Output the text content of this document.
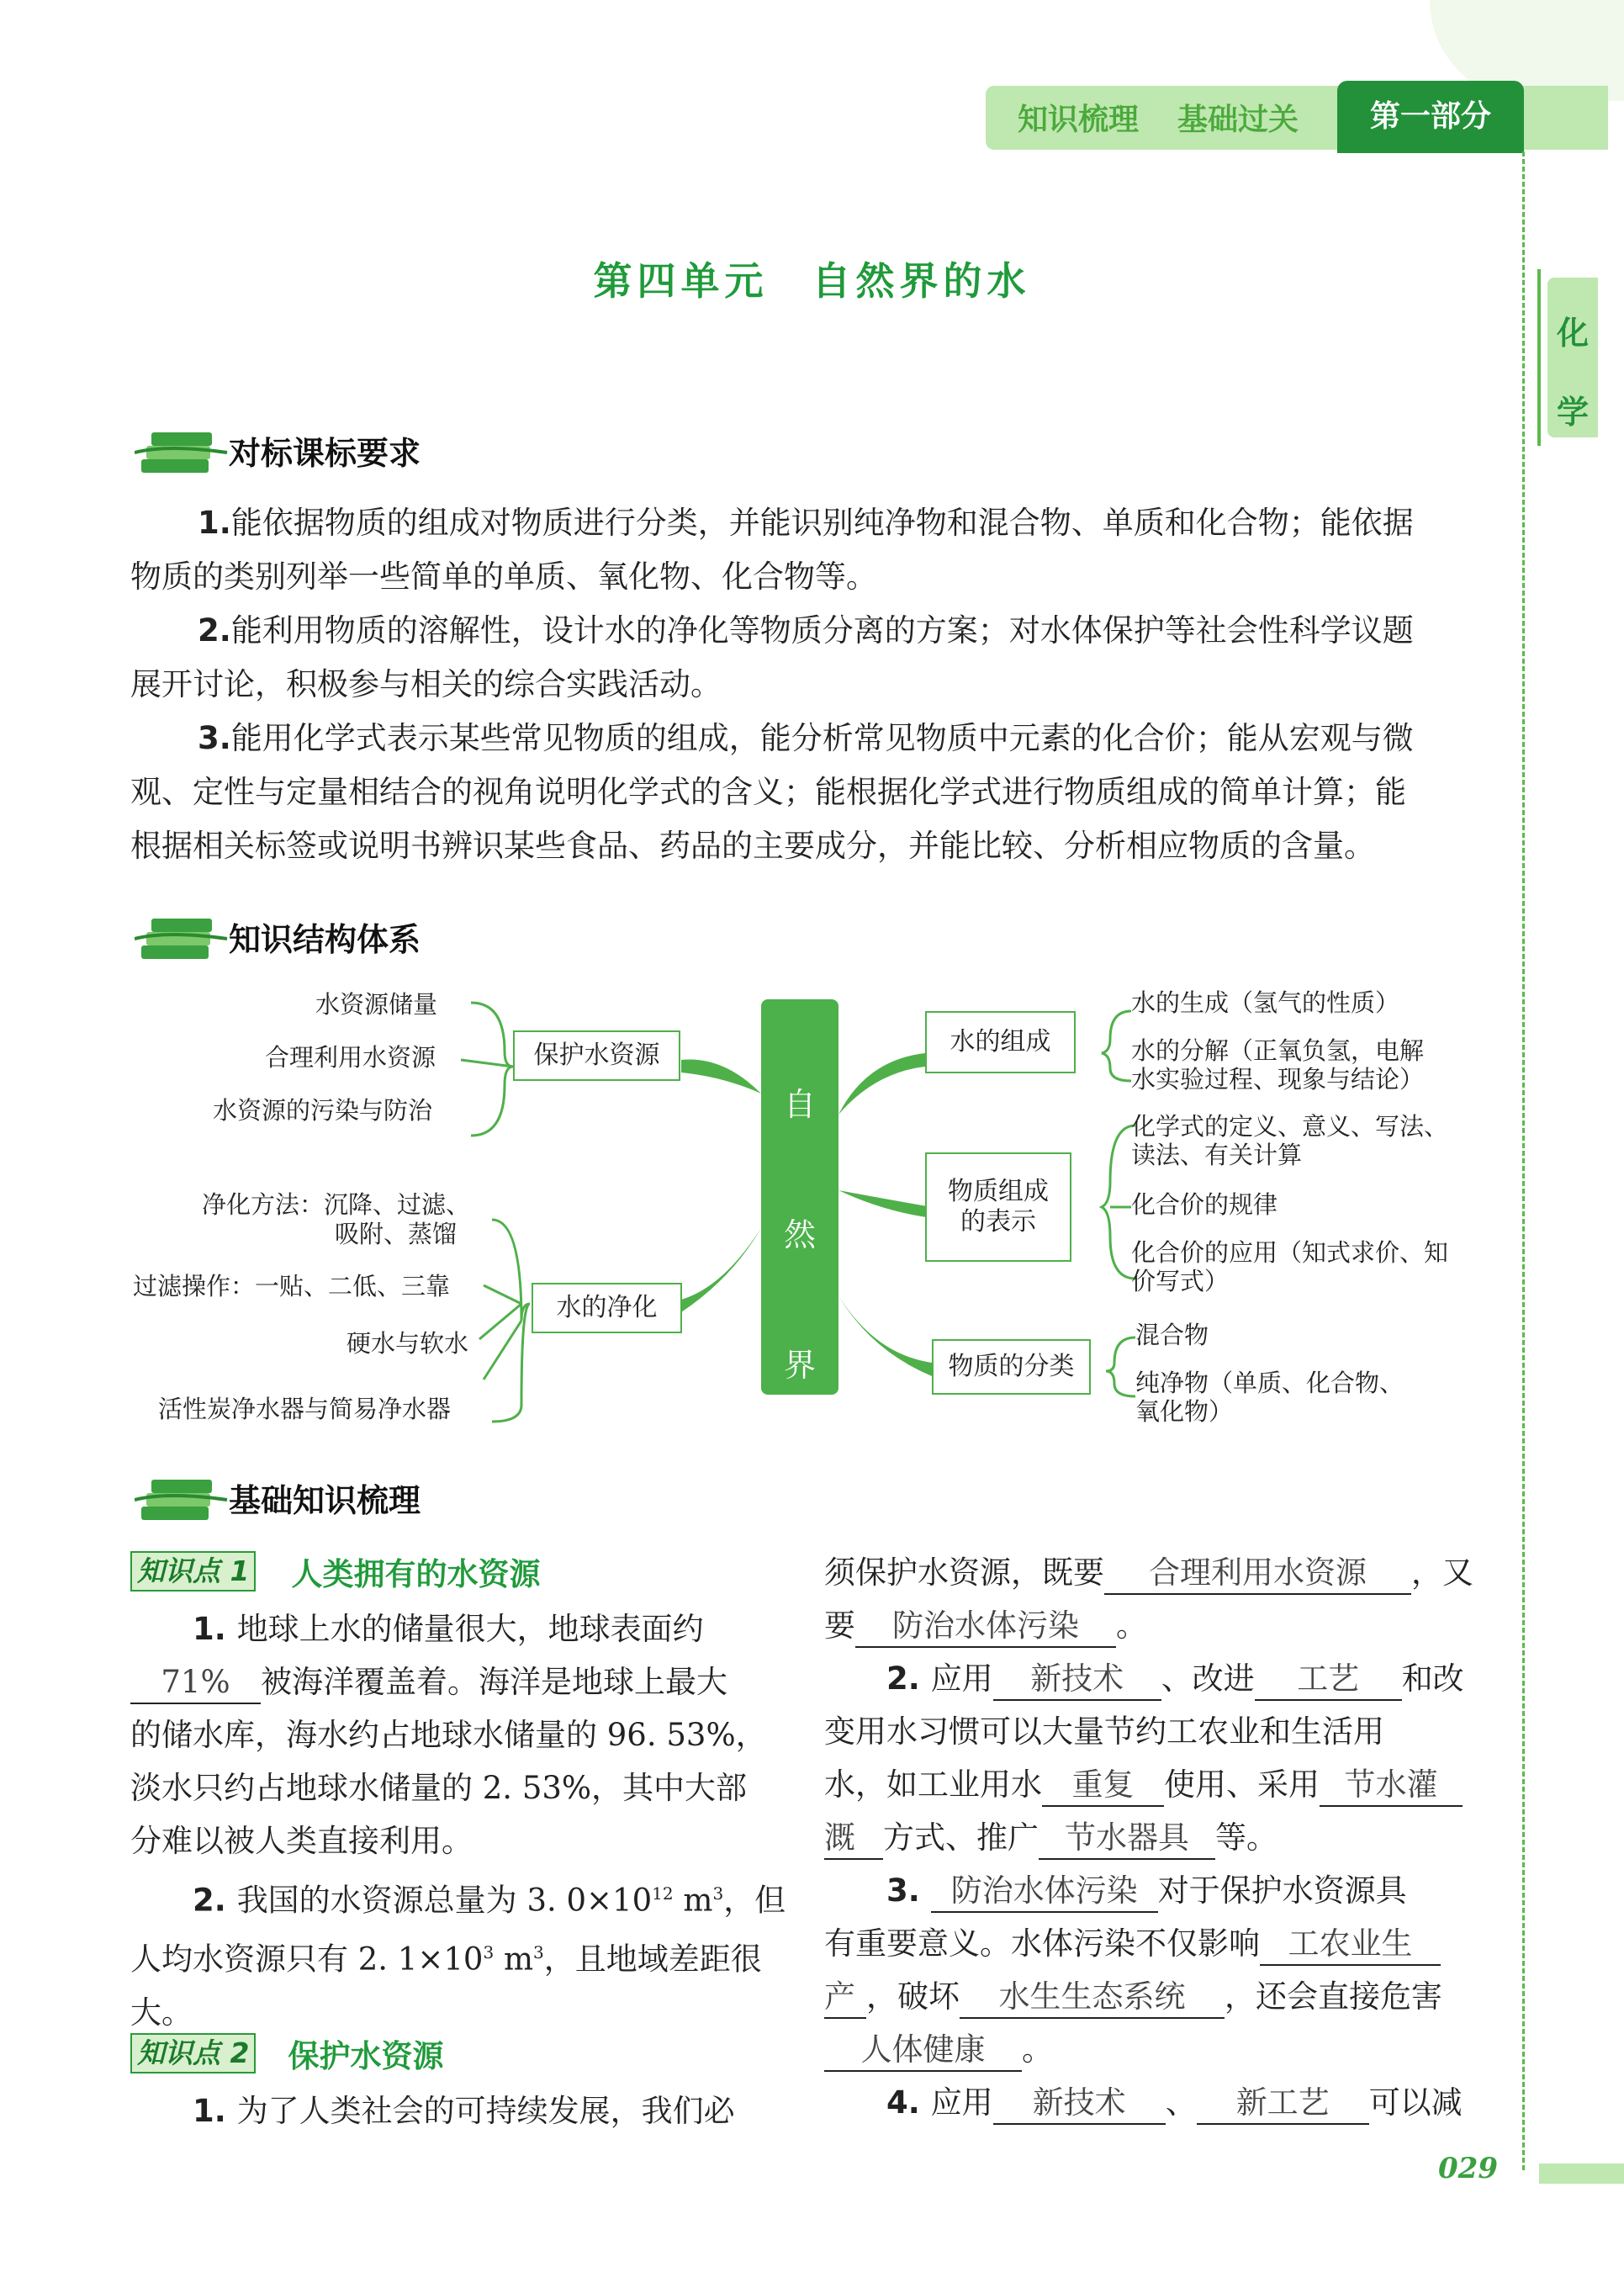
知识梳理 基础过关	第一部分
化
学
第四单元　自然界的水
对标课标要求
1.能依据物质的组成对物质进行分类，并能识别纯净物和混合物、单质和化合物；能依据
物质的类别列举一些简单的单质、氧化物、化合物等。
2.能利用物质的溶解性，设计水的净化等物质分离的方案；对水体保护等社会性科学议题
展开讨论，积极参与相关的综合实践活动。
3.能用化学式表示某些常见物质的组成，能分析常见物质中元素的化合价；能从宏观与微
观、定性与定量相结合的视角说明化学式的含义；能根据化学式进行物质组成的简单计算；能
根据相关标签或说明书辨识某些食品、药品的主要成分，并能比较、分析相应物质的含量。
知识结构体系
水资源储量
合理利用水资源
水资源的污染与防治
保护水资源
净化方法：沉降、过滤、
吸附、蒸馏
过滤操作：一贴、二低、三靠
硬水与软水
活性炭净水器与简易净水器
水的净化
自
然
界
的
水
水的组成
水的生成（氢气的性质）
水的分解（正氧负氢，电解
水实验过程、现象与结论）
物质组成
的表示
化学式的定义、意义、写法、
读法、有关计算
化合价的规律
化合价的应用（知式求价、知
价写式）
物质的分类
混合物
纯净物（单质、化合物、
氧化物）
基础知识梳理
知识点 1 人类拥有的水资源
1. 地球上水的储量很大，地球表面约
71% 被海洋覆盖着。海洋是地球上最大
的储水库，海水约占地球水储量的 96. 53%，
淡水只约占地球水储量的 2. 53%，其中大部
分难以被人类直接利用。
2. 我国的水资源总量为 3. $0\times 10^{12}$ $m^3$，但
人均水资源只有 2. $1\times 10^3$ $m^3$，且地域差距很
大。
知识点 2 保护水资源
1. 为了人类社会的可持续发展，我们必
须保护水资源，既要 合理利用水资源 ，又
要 防治水体污染 。
2. 应用 新技术 、改进 工艺 和改
变用水习惯可以大量节约工农业和生活用
水，如工业用水 重复 使用、采用 节水灌
溉 方式、推广 节水器具 等。
3. 防治水体污染 对于保护水资源具
有重要意义。水体污染不仅影响 工农业生
产 ，破坏 水生生态系统 ，还会直接危害
人体健康 。
4. 应用 新技术 、 新工艺 可以减
029
